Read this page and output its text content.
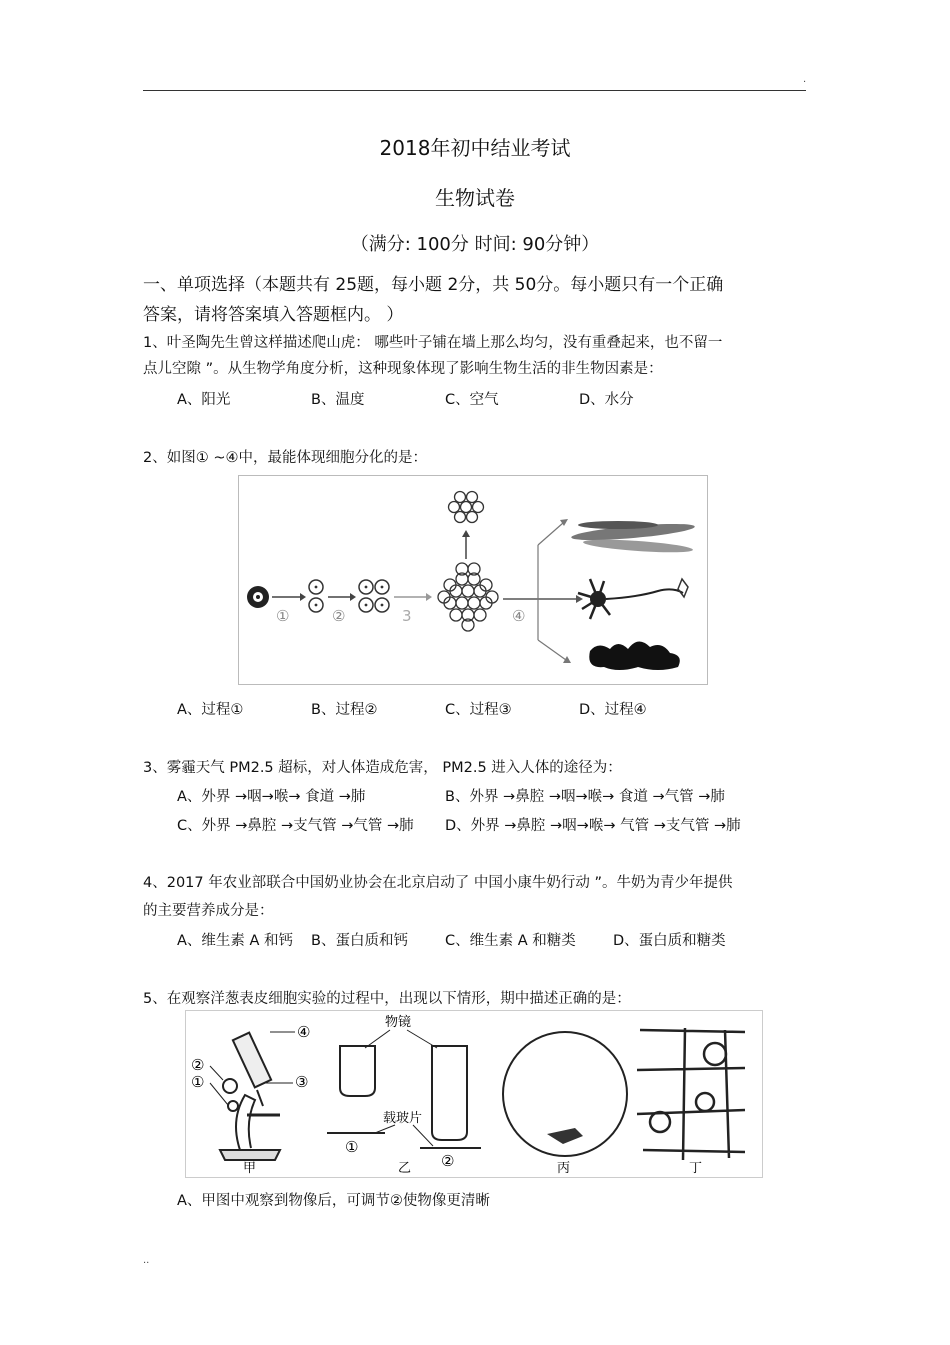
.
2018年初中结业考试
生物试卷
（满分: 100分 时间: 90分钟）
一、单项选择（本题共有 25题，每小题 2分，共 50分。每小题只有一个正确
答案，请将答案填入答题框内。 ）
1、叶圣陶先生曾这样描述爬山虎： 哪些叶子铺在墙上那么均匀，没有重叠起来，也不留一
点儿空隙 ”。从生物学角度分析，这种现象体现了影响生物生活的非生物因素是：
A、阳光	B、温度	C、空气	D、水分
2、如图① ~④中，最能体现细胞分化的是：
①	②	3	④
A、过程①	B、过程②	C、过程③	D、过程④
3、雾霾天气 PM2.5 超标，对人体造成危害， PM2.5 进入人体的途径为：
A、外界 →咽→喉→ 食道 →肺	B、外界 →鼻腔 →咽→喉→ 食道 →气管 →肺
C、外界 →鼻腔 →支气管 →气管 →肺 D、外界 →鼻腔 →咽→喉→ 气管 →支气管 →肺
4、2017 年农业部联合中国奶业协会在北京启动了 中国小康牛奶行动 ”。牛奶为青少年提供
的主要营养成分是：
A、维生素 A 和钙 B、蛋白质和钙	C、维生素 A 和糖类	D、蛋白质和糖类
5、在观察洋葱表皮细胞实验的过程中，出现以下情形，期中描述正确的是：
④
②
①	③
甲
物镜
载玻片
①
②
乙	丙	丁
A、甲图中观察到物像后，可调节②使物像更清晰
..
